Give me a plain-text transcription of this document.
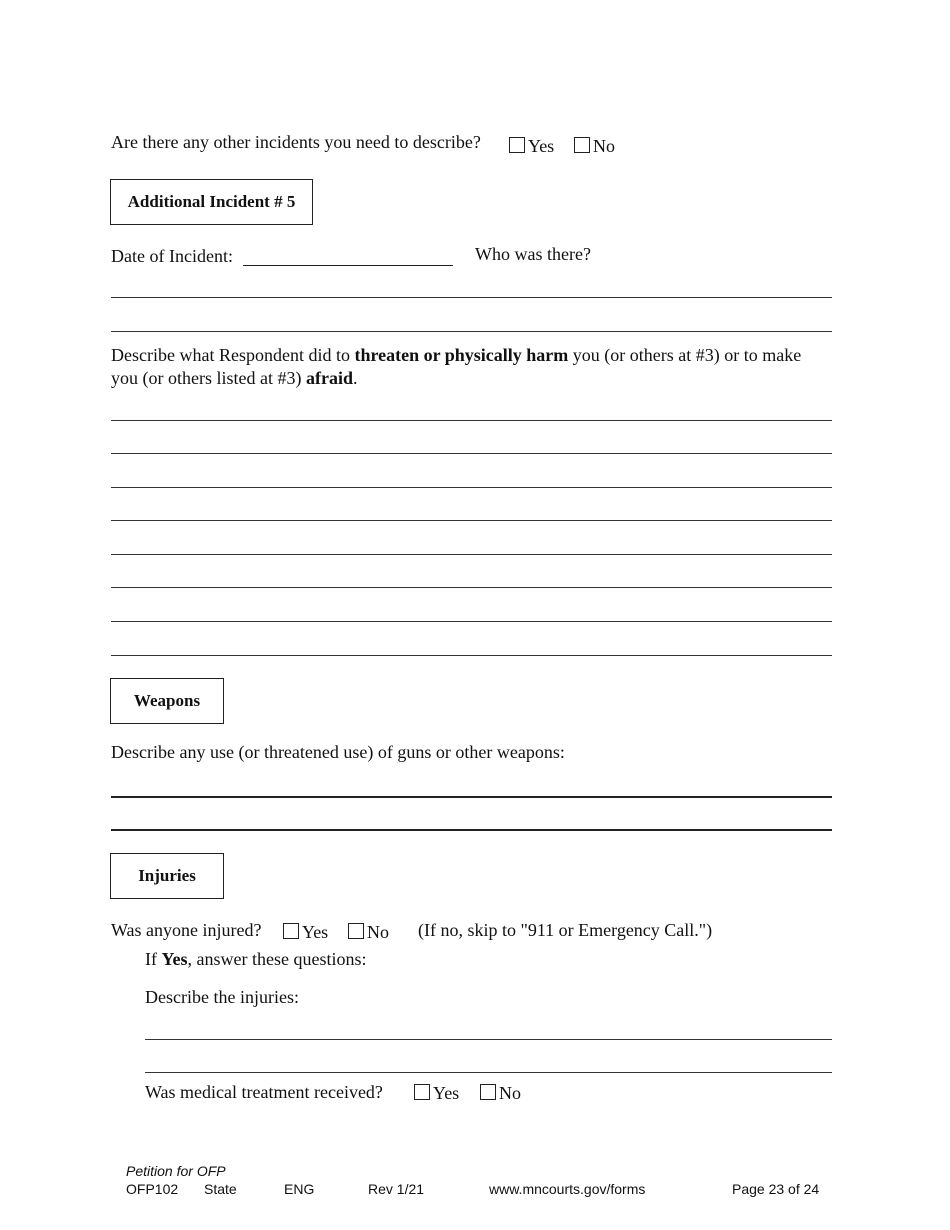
Are there any other incidents you need to describe?	Yes	No
Additional Incident # 5
Date of Incident:	Who was there?
Describe what Respondent did to threaten or physically harm you (or others at #3) or to make
you (or others listed at #3) afraid.
Weapons
Describe any use (or threatened use) of guns or other weapons:
Injuries
Was anyone injured?	Yes	No (If no, skip to "911 or Emergency Call.")
If Yes, answer these questions:
Describe the injuries:
Was medical treatment received?	Yes	No
Petition for OFP
OFP102 State	ENG	Rev 1/21	www.mncourts.gov/forms	Page 23 of 24
